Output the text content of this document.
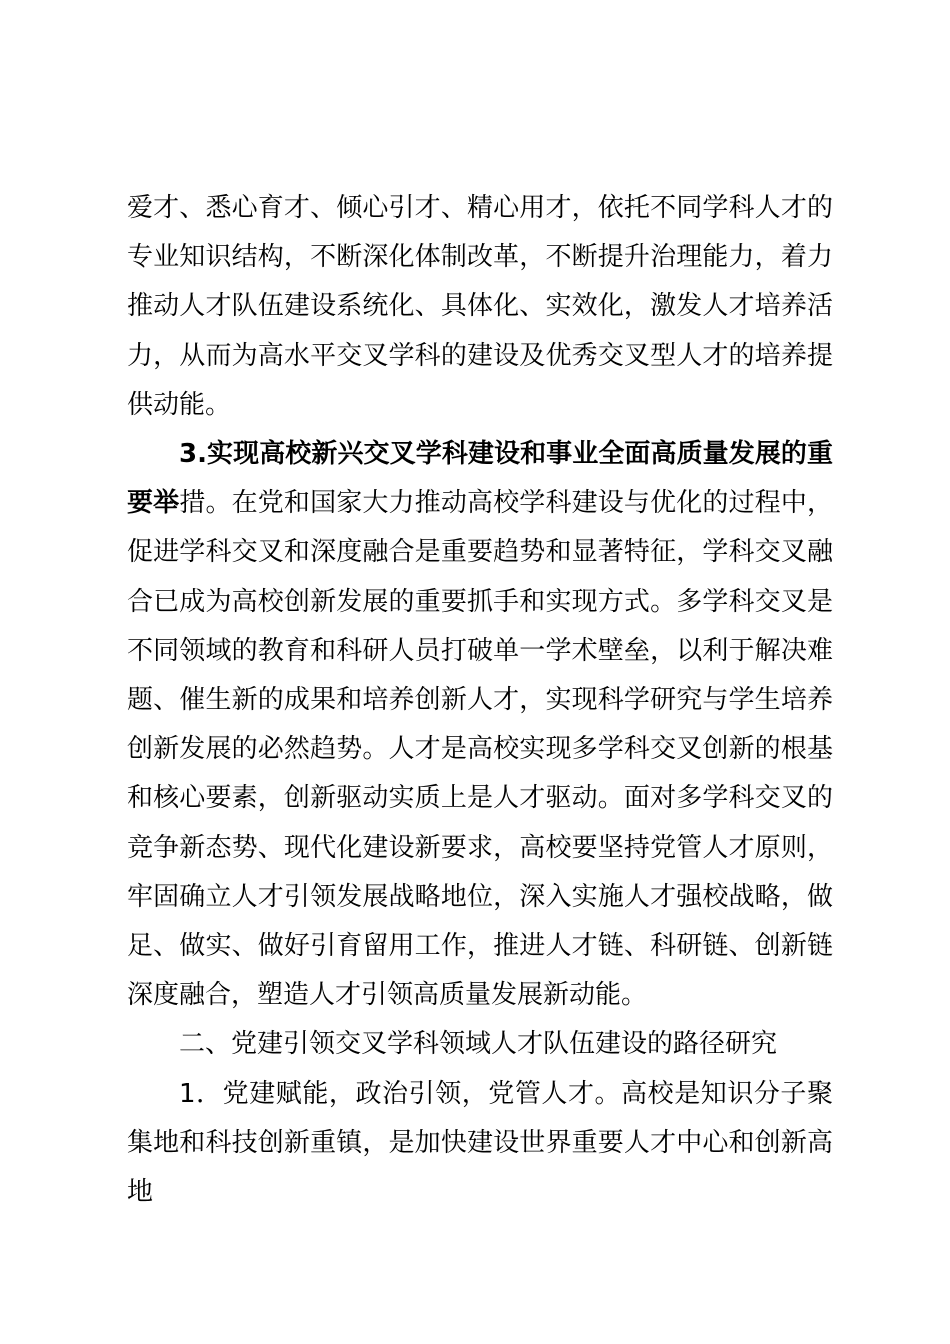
爱才、悉心育才、倾心引才、精心用才，依托不同学科人才的专业知识结构，不断深化体制改革，不断提升治理能力，着力推动人才队伍建设系统化、具体化、实效化，激发人才培养活力，从而为高水平交叉学科的建设及优秀交叉型人才的培养提供动能。

3.实现高校新兴交叉学科建设和事业全面高质量发展的重要举措。在党和国家大力推动高校学科建设与优化的过程中，促进学科交叉和深度融合是重要趋势和显著特征，学科交叉融合已成为高校创新发展的重要抓手和实现方式。多学科交叉是不同领域的教育和科研人员打破单一学术壁垒，以利于解决难题、催生新的成果和培养创新人才，实现科学研究与学生培养创新发展的必然趋势。人才是高校实现多学科交叉创新的根基和核心要素，创新驱动实质上是人才驱动。面对多学科交叉的竞争新态势、现代化建设新要求，高校要坚持党管人才原则，牢固确立人才引领发展战略地位，深入实施人才强校战略，做足、做实、做好引育留用工作，推进人才链、科研链、创新链深度融合，塑造人才引领高质量发展新动能。

二、党建引领交叉学科领域人才队伍建设的路径研究

1．党建赋能，政治引领，党管人才。高校是知识分子聚集地和科技创新重镇，是加快建设世界重要人才中心和创新高地
